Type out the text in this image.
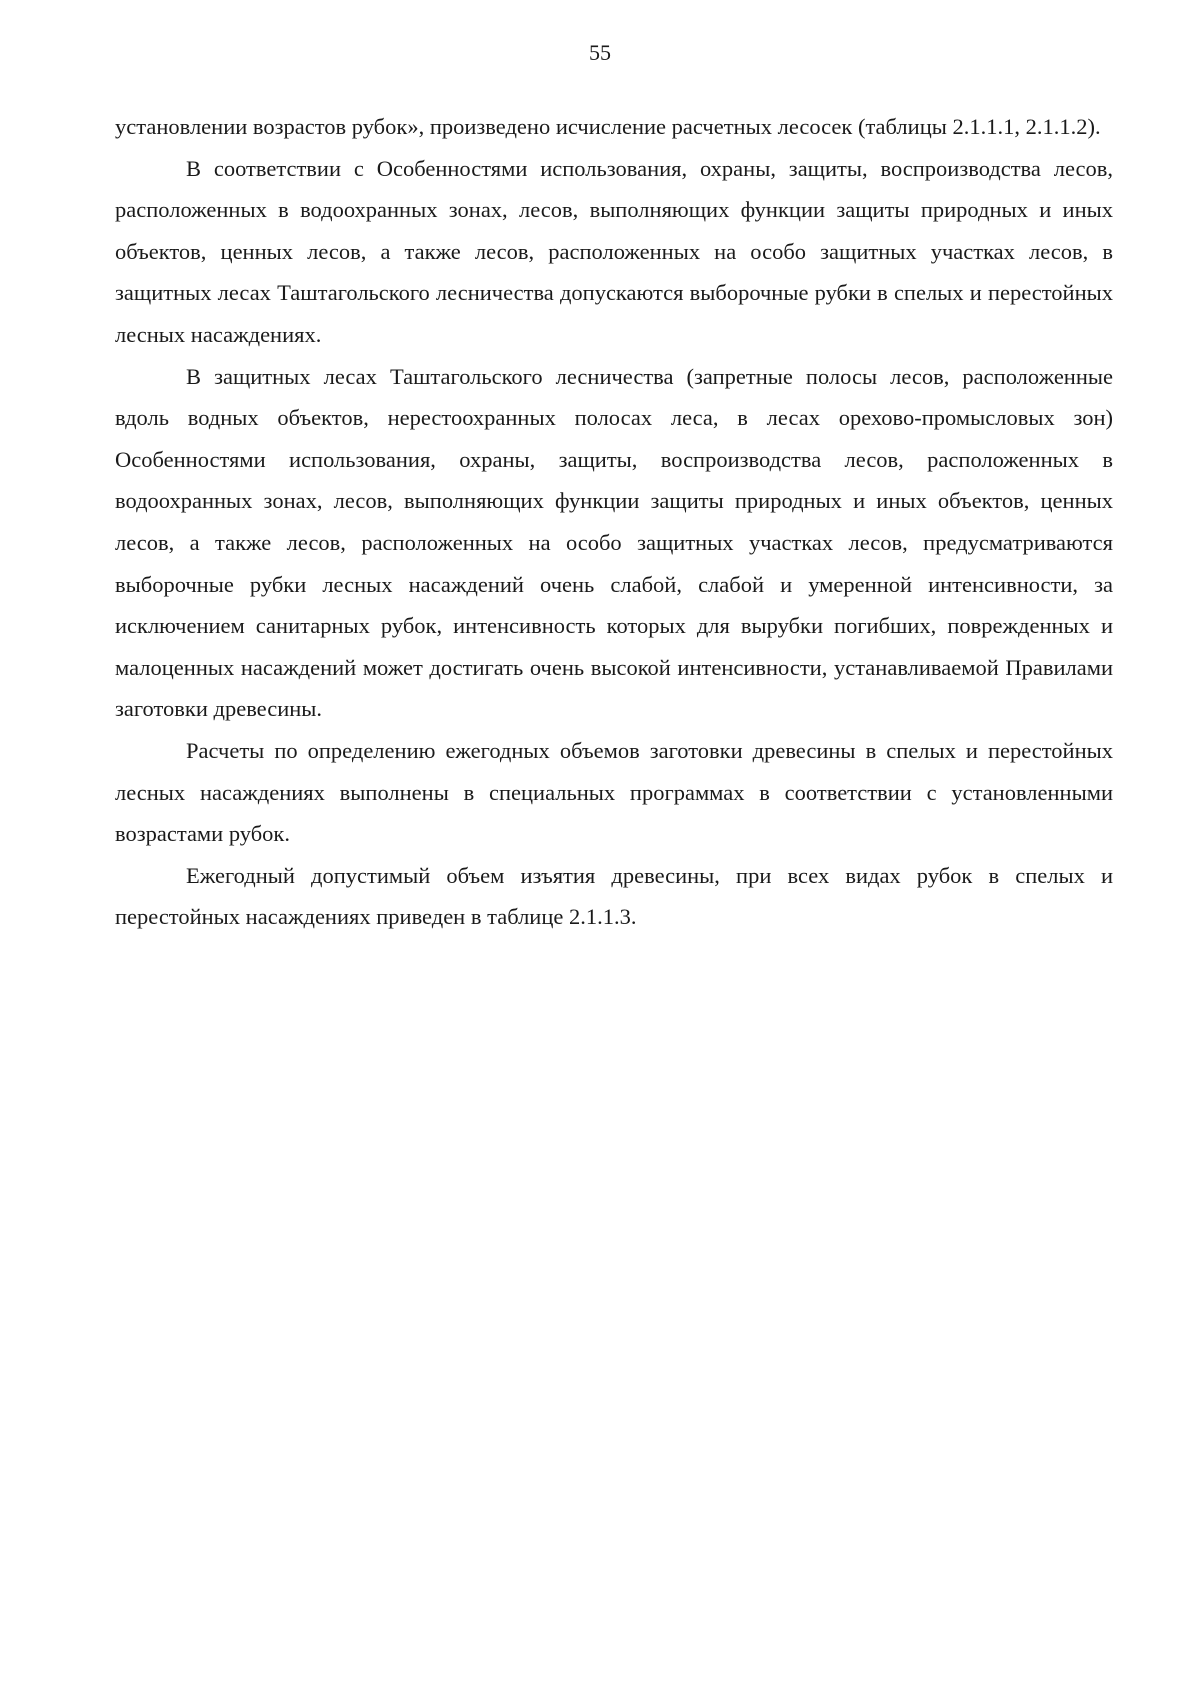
55

установлении возрастов рубок», произведено исчисление расчетных лесосек (таблицы 2.1.1.1, 2.1.1.2).

В соответствии с Особенностями использования, охраны, защиты, воспроизводства лесов, расположенных в водоохранных зонах, лесов, выполняющих функции защиты природных и иных объектов, ценных лесов, а также лесов, расположенных на особо защитных участках лесов, в защитных лесах Таштагольского лесничества допускаются выборочные рубки в спелых и перестойных лесных насаждениях.

В защитных лесах Таштагольского лесничества (запретные полосы лесов, расположенные вдоль водных объектов, нерестоохранных полосах леса, в лесах орехово-промысловых зон) Особенностями использования, охраны, защиты, воспроизводства лесов, расположенных в водоохранных зонах, лесов, выполняющих функции защиты природных и иных объектов, ценных лесов, а также лесов, расположенных на особо защитных участках лесов, предусматриваются выборочные рубки лесных насаждений очень слабой, слабой и умеренной интенсивности, за исключением санитарных рубок, интенсивность которых для вырубки погибших, поврежденных и малоценных насаждений может достигать очень высокой интенсивности, устанавливаемой Правилами заготовки древесины.

Расчеты по определению ежегодных объемов заготовки древесины в спелых и перестойных лесных насаждениях выполнены в специальных программах в соответствии с установленными возрастами рубок.

Ежегодный допустимый объем изъятия древесины, при всех видах рубок в спелых и перестойных насаждениях приведен в таблице 2.1.1.3.
